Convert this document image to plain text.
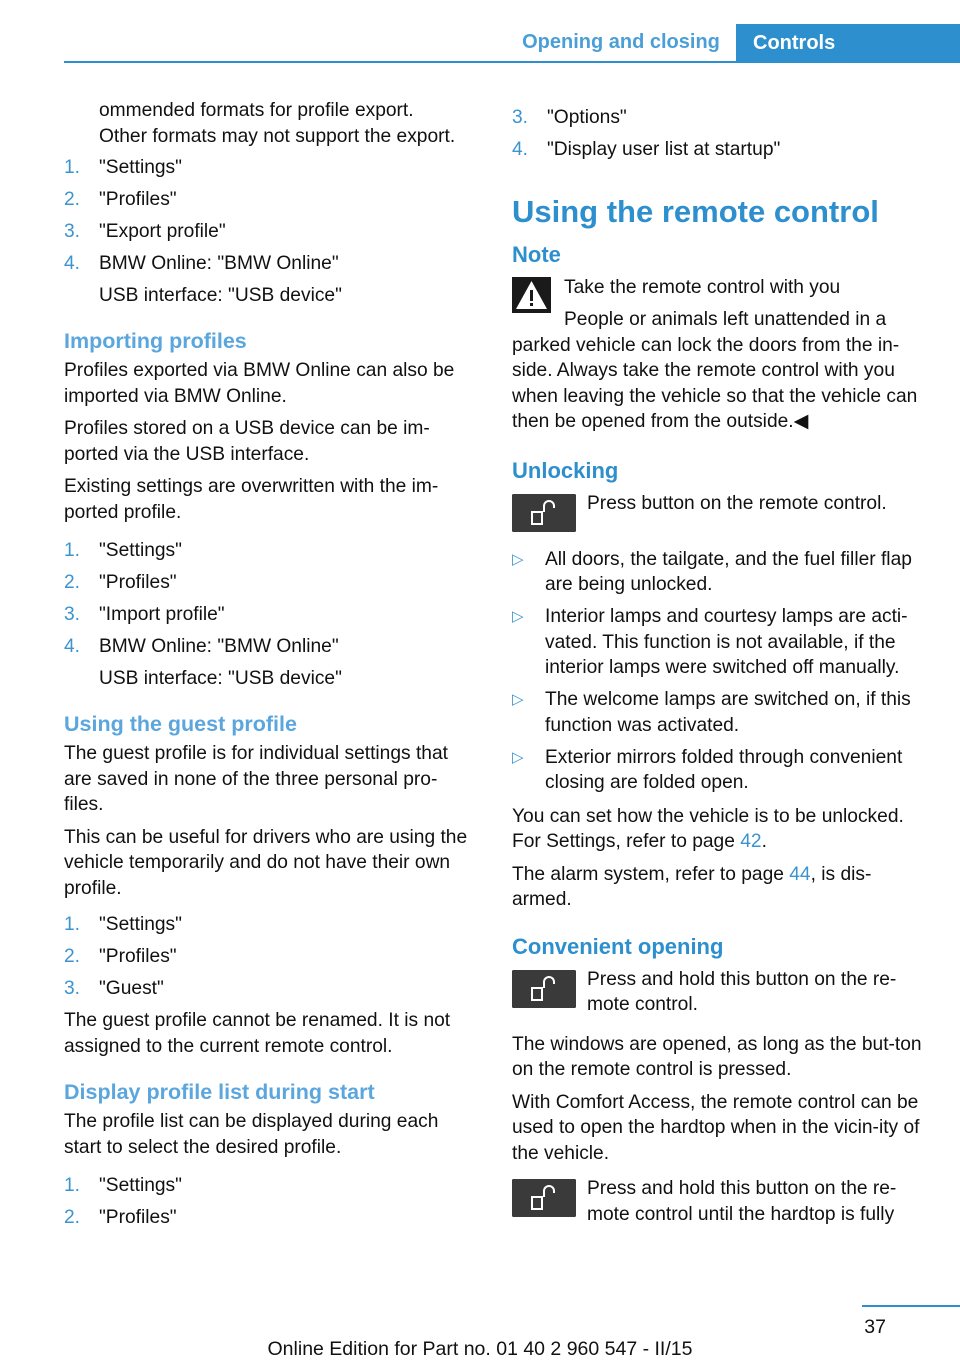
Opening and closing	Controls

ommended formats for profile export.
Other formats may not support the export.

1. "Settings"
2. "Profiles"
3. "Export profile"
4. BMW Online: "BMW Online"
USB interface: "USB device"
Importing profiles

Profiles exported via BMW Online can also be imported via BMW Online.

Profiles stored on a USB device can be im‐ported via the USB interface.

Existing settings are overwritten with the im‐ported profile.

1. "Settings"
2. "Profiles"
3. "Import profile"
4. BMW Online: "BMW Online"
USB interface: "USB device"
Using the guest profile

The guest profile is for individual settings that are saved in none of the three personal pro‐files.

This can be useful for drivers who are using the vehicle temporarily and do not have their own profile.

1. "Settings"
2. "Profiles"
3. "Guest"

The guest profile cannot be renamed. It is not assigned to the current remote control.

Display profile list during start

The profile list can be displayed during each start to select the desired profile.

1. "Settings"
2. "Profiles"
3. "Options"
4. "Display user list at startup"
Using the remote control
Note
Take the remote control with you
People or animals left unattended in a
parked vehicle can lock the doors from the in‐side. Always take the remote control with you when leaving the vehicle so that the vehicle can then be opened from the outside.◀
Unlocking
Press button on the remote control.
▷ All doors, the tailgate, and the fuel filler flap are being unlocked.
▷ Interior lamps and courtesy lamps are acti‐vated. This function is not available, if the interior lamps were switched off manually.
▷ The welcome lamps are switched on, if this function was activated.
▷ Exterior mirrors folded through convenient closing are folded open.

You can set how the vehicle is to be unlocked. For Settings, refer to page 42.

The alarm system, refer to page 44, is dis‐armed.

Convenient opening
Press and hold this button on the re‐mote control.

The windows are opened, as long as the but‐ton on the remote control is pressed.

With Comfort Access, the remote control can be used to open the hardtop when in the vicin‐ity of the vehicle.

Press and hold this button on the re‐mote control until the hardtop is fully
37
Online Edition for Part no. 01 40 2 960 547 - II/15
